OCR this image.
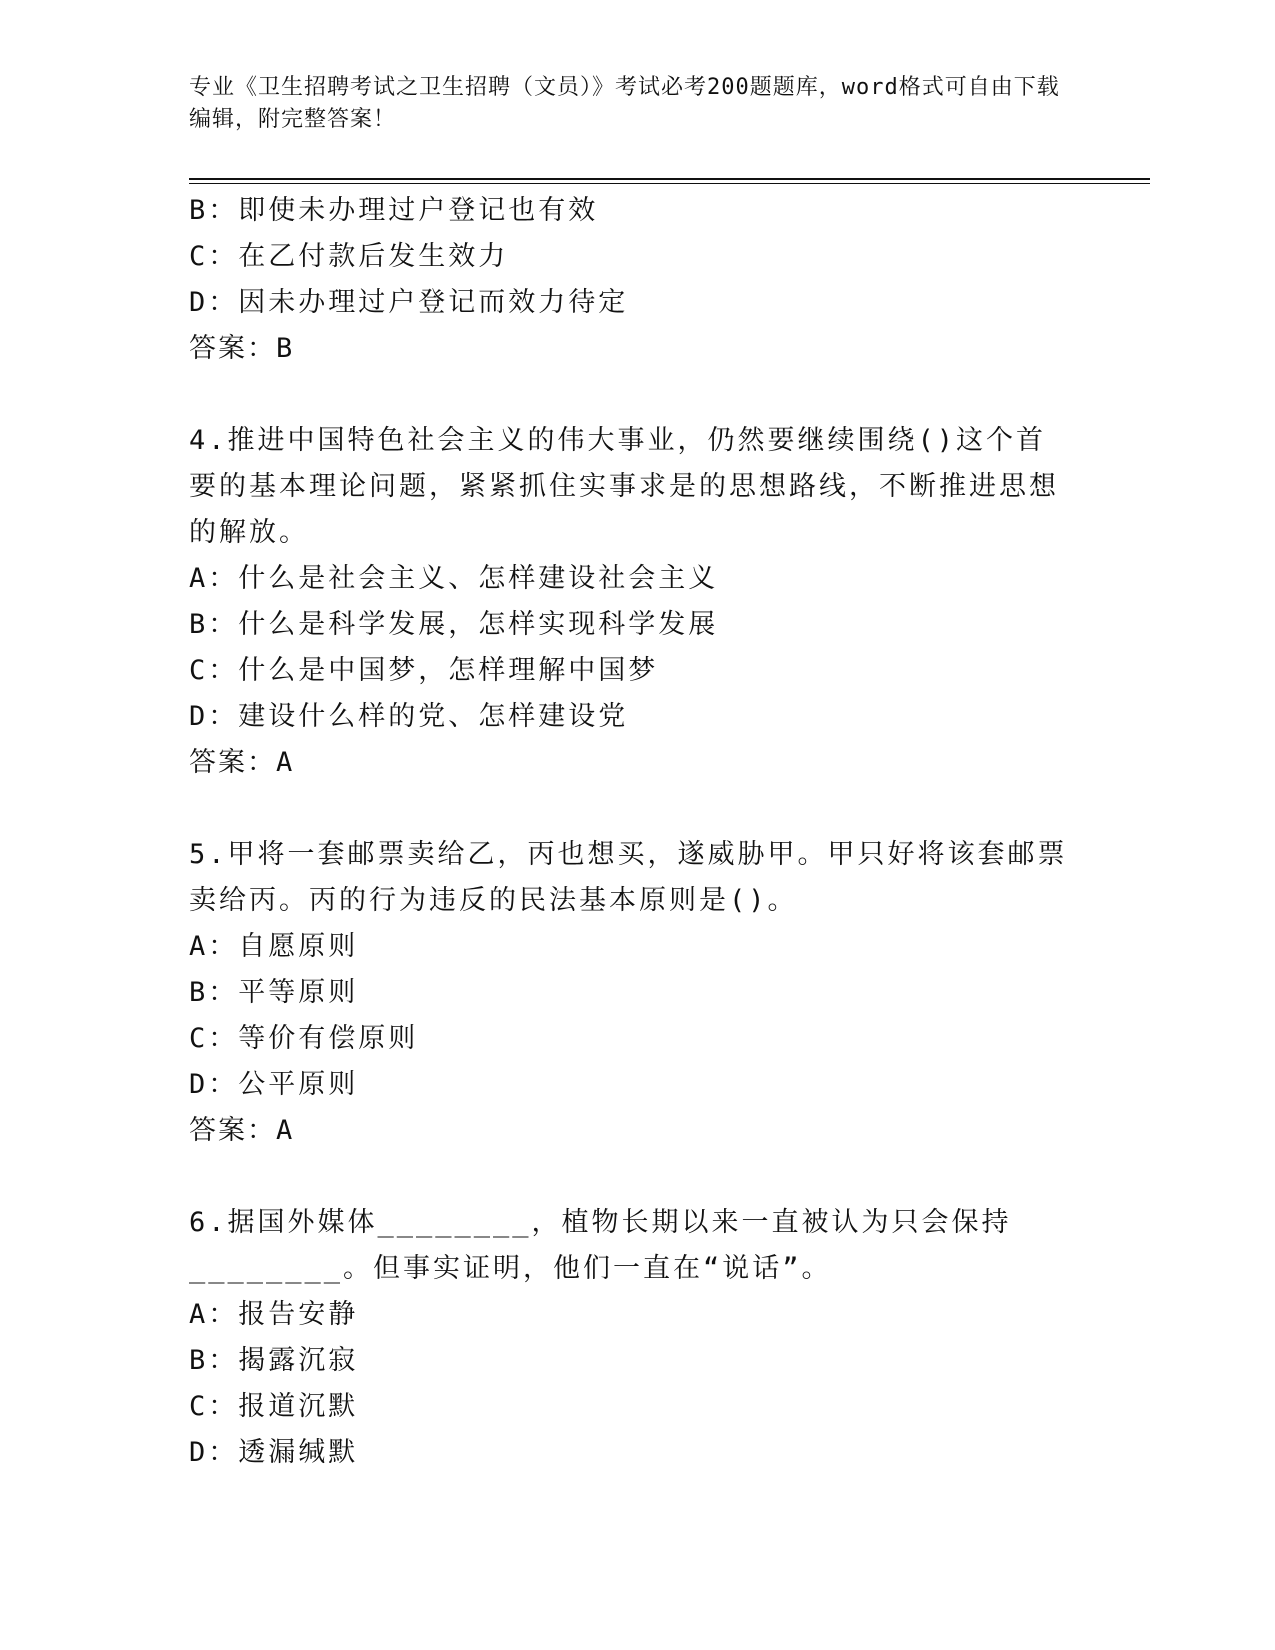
专业《卫生招聘考试之卫生招聘（文员）》考试必考200题题库，word格式可自由下载编辑，附完整答案！
B：即使未办理过户登记也有效
C：在乙付款后发生效力
D：因未办理过户登记而效力待定
答案：B
4.推进中国特色社会主义的伟大事业，仍然要继续围绕()这个首要的基本理论问题，紧紧抓住实事求是的思想路线，不断推进思想的解放。
A：什么是社会主义、怎样建设社会主义
B：什么是科学发展，怎样实现科学发展
C：什么是中国梦，怎样理解中国梦
D：建设什么样的党、怎样建设党
答案：A
5.甲将一套邮票卖给乙，丙也想买，遂威胁甲。甲只好将该套邮票卖给丙。丙的行为违反的民法基本原则是()。
A：自愿原则
B：平等原则
C：等价有偿原则
D：公平原则
答案：A
6.据国外媒体________，植物长期以来一直被认为只会保持________。但事实证明，他们一直在“说话”。
A：报告安静
B：揭露沉寂
C：报道沉默
D：透漏缄默
